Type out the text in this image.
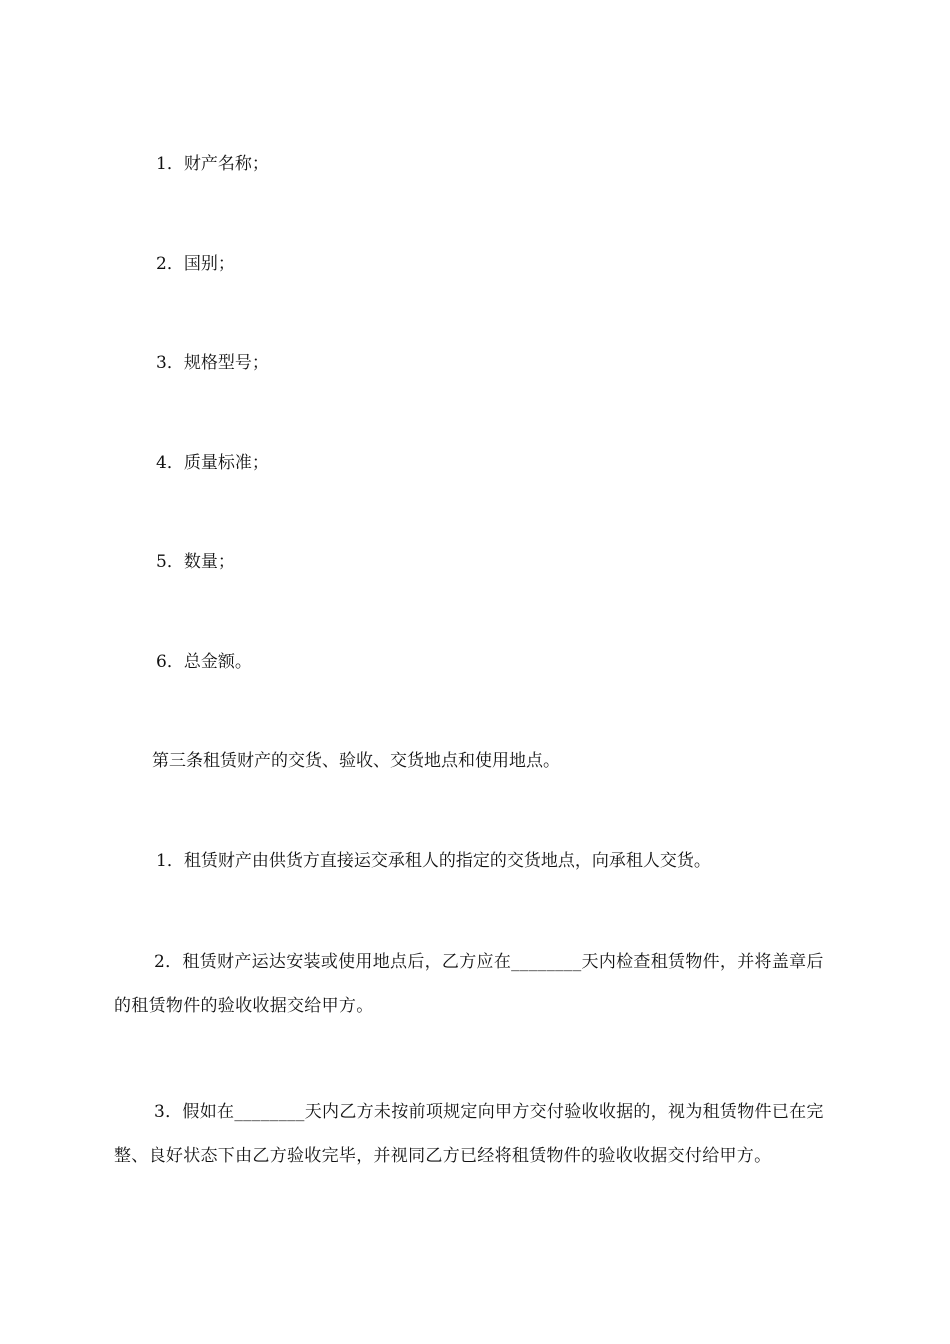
1．财产名称；
2．国别；
3．规格型号；
4．质量标准；
5．数量；
6．总金额。
第三条租赁财产的交货、验收、交货地点和使用地点。
1．租赁财产由供货方直接运交承租人的指定的交货地点，向承租人交货。
2．租赁财产运达安装或使用地点后，乙方应在________天内检查租赁物件，并将盖章后的租赁物件的验收收据交给甲方。
3．假如在________天内乙方未按前项规定向甲方交付验收收据的，视为租赁物件已在完整、良好状态下由乙方验收完毕，并视同乙方已经将租赁物件的验收收据交付给甲方。
